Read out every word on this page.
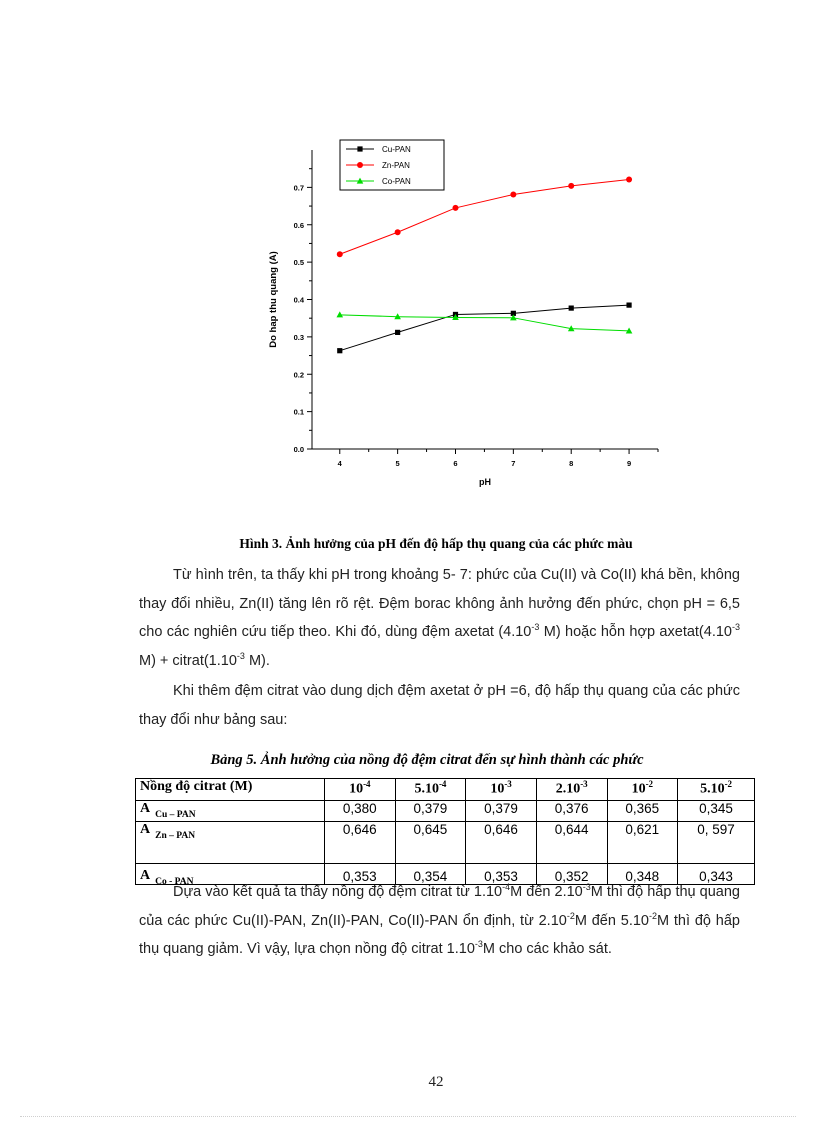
0.0
0.1
0.2
0.3
0.4
0.5
0.6
0.7
4	5	6	7	8	9
pH
Do hap thu quang (A)
Cu-PAN
Zn-PAN
Co-PAN
Hình 3. Ảnh hưởng của pH đến độ hấp thụ quang của các phức màu

Từ hình trên, ta thấy khi pH trong khoảng 5- 7: phức của Cu(II) và Co(II) khá bền, không thay đổi nhiều, Zn(II) tăng lên rõ rệt. Đệm borac không ảnh hưởng đến phức, chọn pH = 6,5 cho các nghiên cứu tiếp theo. Khi đó, dùng đệm axetat ($4.10^{-3}$ M) hoặc hỗn hợp $axetat(4.10^{-3}$ $M) + citrat(1.10^{-3}$ M).

Khi thêm đệm citrat vào dung dịch đệm axetat ở pH =6, độ hấp thụ quang của các phức thay đổi như bảng sau:

Bảng 5. Ảnh hưởng của nồng độ đệm citrat đến sự hình thành các phức
Nồng độ citrat (M)	$10^{-4}$	$5.10^{-4}$	$10^{-3}$	$2.10^{-3}$	$10^{-2}$	$5.10^{-2}$
A $_{Cu - PAN}$	0,380	0,379	0,379	0,376	0,365	0,345
A $_{Zn - PAN}$	0,646	0,645	0,646	0,644	0,621	0, 597
A $_{Co - PAN}$	0,353	0,354	0,353	0,352	0,348	0,343

Dựa vào kết quả ta thấy nồng độ đệm citrat từ $1.10^{-4}M$ đến $2.10^{-3}M$ thì độ hấp thụ quang của các phức Cu(II)-PAN, Zn(II)-PAN, Co(II)-PAN ổn định, từ $2.10^{-2}M$ đến $5.10^{-2}M$ thì độ hấp thụ quang giảm. Vì vậy, lựa chọn nồng độ citrat $1.10^{-3}M$ cho các khảo sát.

42
